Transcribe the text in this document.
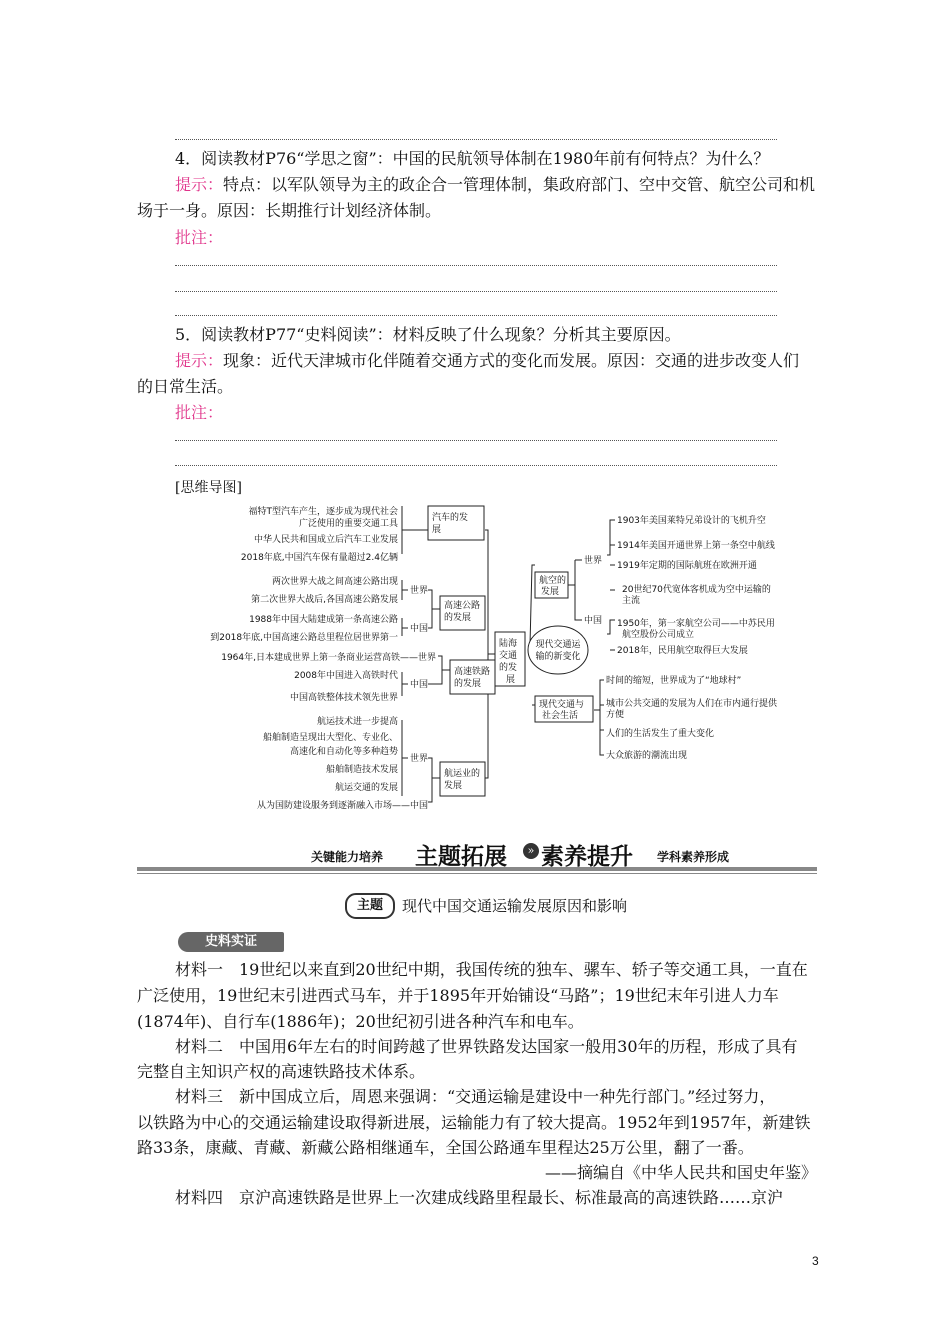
4．阅读教材P76“学思之窗”：中国的民航领导体制在1980年前有何特点？为什么？
提示：特点：以军队领导为主的政企合一管理体制，集政府部门、空中交管、航空公司和机
场于一身。原因：长期推行计划经济体制。
批注：
5．阅读教材P77“史料阅读”：材料反映了什么现象？分析其主要原因。
提示：现象：近代天津城市化伴随着交通方式的变化而发展。原因：交通的进步改变人们
的日常生活。
批注：
[思维导图]
福特T型汽车产生，逐步成为现代社会
广泛使用的重要交通工具
中华人民共和国成立后汽车工业发展
2018年底,中国汽车保有量超过2.4亿辆
汽车的发
展
两次世界大战之间高速公路出现
第二次世界大战后,各国高速公路发展
1988年中国大陆建成第一条高速公路
到2018年底,中国高速公路总里程位居世界第一
世界
中国
高速公路
的发展
1964年,日本建成世界上第一条商业运营高铁——世界
2008年中国进入高铁时代
中国高铁整体技术领先世界
中国
高速铁路
的发展
航运技术进一步提高
船舶制造呈现出大型化、专业化、
高速化和自动化等多种趋势
船舶制造技术发展
航运交通的发展
世界
从为国防建设服务到逐渐融入市场——中国
航运业的
发展
陆海
交通
的发
展
现代交通运
输的新变化
航空的
发展
世界
中国
1903年美国莱特兄弟设计的飞机升空
1914年美国开通世界上第一条空中航线
1919年定期的国际航班在欧洲开通
20世纪70代宽体客机成为空中运输的
主流
1950年，第一家航空公司——中苏民用
航空股份公司成立
2018年，民用航空取得巨大发展
现代交通与
社会生活
时间的缩短，世界成为了“地球村”
城市公共交通的发展为人们在市内通行提供
方便
人们的生活发生了重大变化
大众旅游的潮流出现
关键能力培养 主题拓展	» 素养提升 学科素养形成
主题	现代中国交通运输发展原因和影响
史料实证
材料一　19世纪以来直到20世纪中期，我国传统的独车、骡车、轿子等交通工具，一直在
广泛使用，19世纪末引进西式马车，并于1895年开始铺设“马路”；19世纪末年引进人力车
(1874年)、自行车(1886年)；20世纪初引进各种汽车和电车。
材料二　中国用6年左右的时间跨越了世界铁路发达国家一般用30年的历程，形成了具有
完整自主知识产权的高速铁路技术体系。
材料三　新中国成立后，周恩来强调：“交通运输是建设中一种先行部门。”经过努力，
以铁路为中心的交通运输建设取得新进展，运输能力有了较大提高。1952年到1957年，新建铁
路33条，康藏、青藏、新藏公路相继通车，全国公路通车里程达25万公里，翻了一番。
——摘编自《中华人民共和国史年鉴》
材料四　京沪高速铁路是世界上一次建成线路里程最长、标准最高的高速铁路……京沪
3
